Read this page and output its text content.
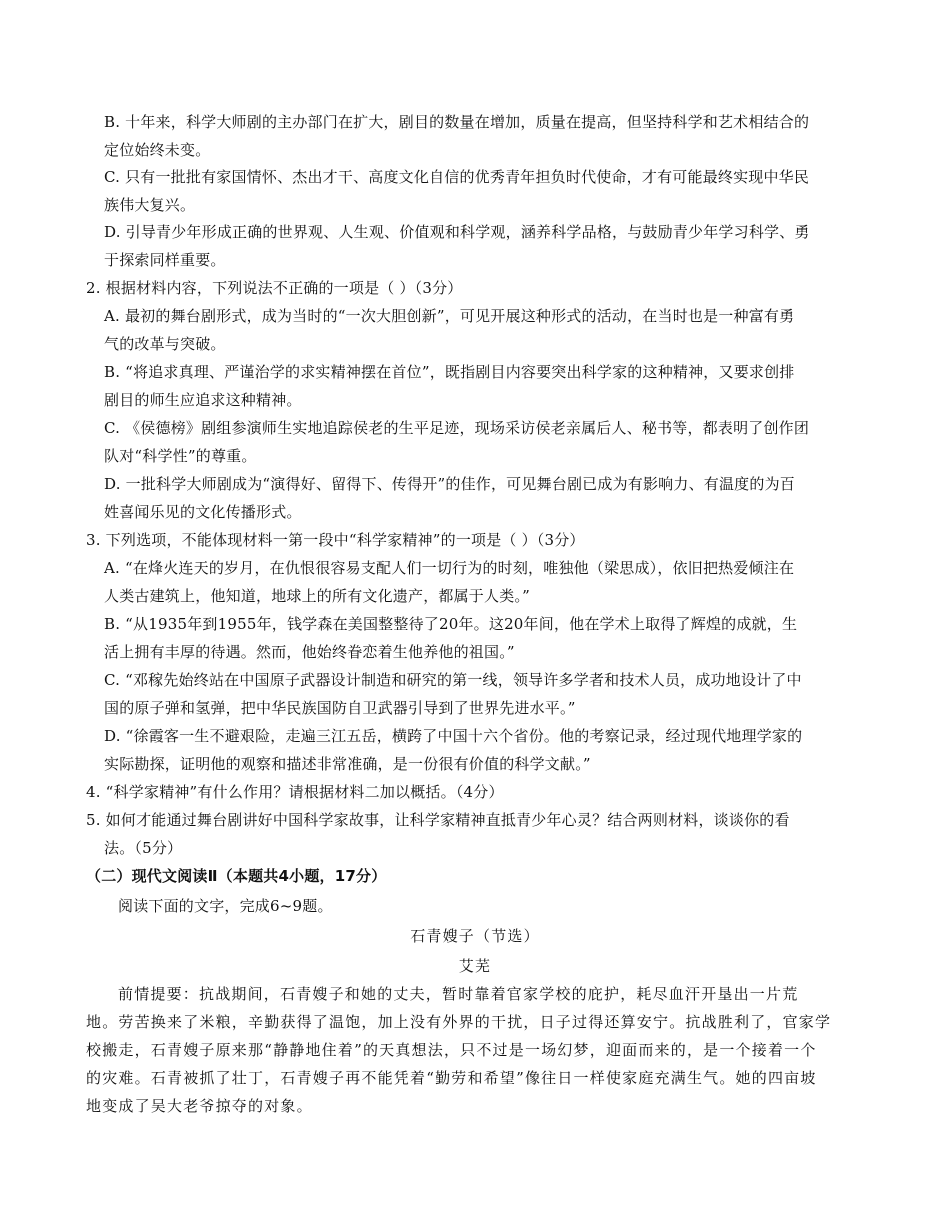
B. 十年来，科学大师剧的主办部门在扩大，剧目的数量在增加，质量在提高，但坚持科学和艺术相结合的
定位始终未变。
C. 只有一批批有家国情怀、杰出才干、高度文化自信的优秀青年担负时代使命，才有可能最终实现中华民
族伟大复兴。
D. 引导青少年形成正确的世界观、人生观、价值观和科学观，涵养科学品格，与鼓励青少年学习科学、勇
于探索同样重要。
2. 根据材料内容，下列说法不正确的一项是（ ）（3分）
A. 最初的舞台剧形式，成为当时的“一次大胆创新”，可见开展这种形式的活动，在当时也是一种富有勇
气的改革与突破。
B. “将追求真理、严谨治学的求实精神摆在首位”，既指剧目内容要突出科学家的这种精神，又要求创排
剧目的师生应追求这种精神。
C. 《侯德榜》剧组参演师生实地追踪侯老的生平足迹，现场采访侯老亲属后人、秘书等，都表明了创作团
队对“科学性”的尊重。
D. 一批科学大师剧成为“演得好、留得下、传得开”的佳作，可见舞台剧已成为有影响力、有温度的为百
姓喜闻乐见的文化传播形式。
3. 下列选项，不能体现材料一第一段中“科学家精神”的一项是（ ）（3分）
A. “在烽火连天的岁月，在仇恨很容易支配人们一切行为的时刻，唯独他（梁思成），依旧把热爱倾注在
人类古建筑上，他知道，地球上的所有文化遗产，都属于人类。”
B. “从1935年到1955年，钱学森在美国整整待了20年。这20年间，他在学术上取得了辉煌的成就，生
活上拥有丰厚的待遇。然而，他始终眷恋着生他养他的祖国。”
C. “邓稼先始终站在中国原子武器设计制造和研究的第一线，领导许多学者和技术人员，成功地设计了中
国的原子弹和氢弹，把中华民族国防自卫武器引导到了世界先进水平。”
D. “徐霞客一生不避艰险，走遍三江五岳，横跨了中国十六个省份。他的考察记录，经过现代地理学家的
实际勘探，证明他的观察和描述非常准确，是一份很有价值的科学文献。”
4. “科学家精神”有什么作用？请根据材料二加以概括。（4分）
5. 如何才能通过舞台剧讲好中国科学家故事，让科学家精神直抵青少年心灵？结合两则材料，谈谈你的看
法。（5分）
（二）现代文阅读Ⅱ（本题共4小题，17分）
阅读下面的文字，完成6~9题。
石青嫂子（节选）
艾芜
前情提要：抗战期间，石青嫂子和她的丈夫，暂时靠着官家学校的庇护，耗尽血汗开垦出一片荒
地。劳苦换来了米粮，辛勤获得了温饱，加上没有外界的干扰，日子过得还算安宁。抗战胜利了，官家学
校搬走，石青嫂子原来那“静静地住着”的天真想法，只不过是一场幻梦，迎面而来的，是一个接着一个
的灾难。石青被抓了壮丁，石青嫂子再不能凭着“勤劳和希望”像往日一样使家庭充满生气。她的四亩坡
地变成了吴大老爷掠夺的对象。
